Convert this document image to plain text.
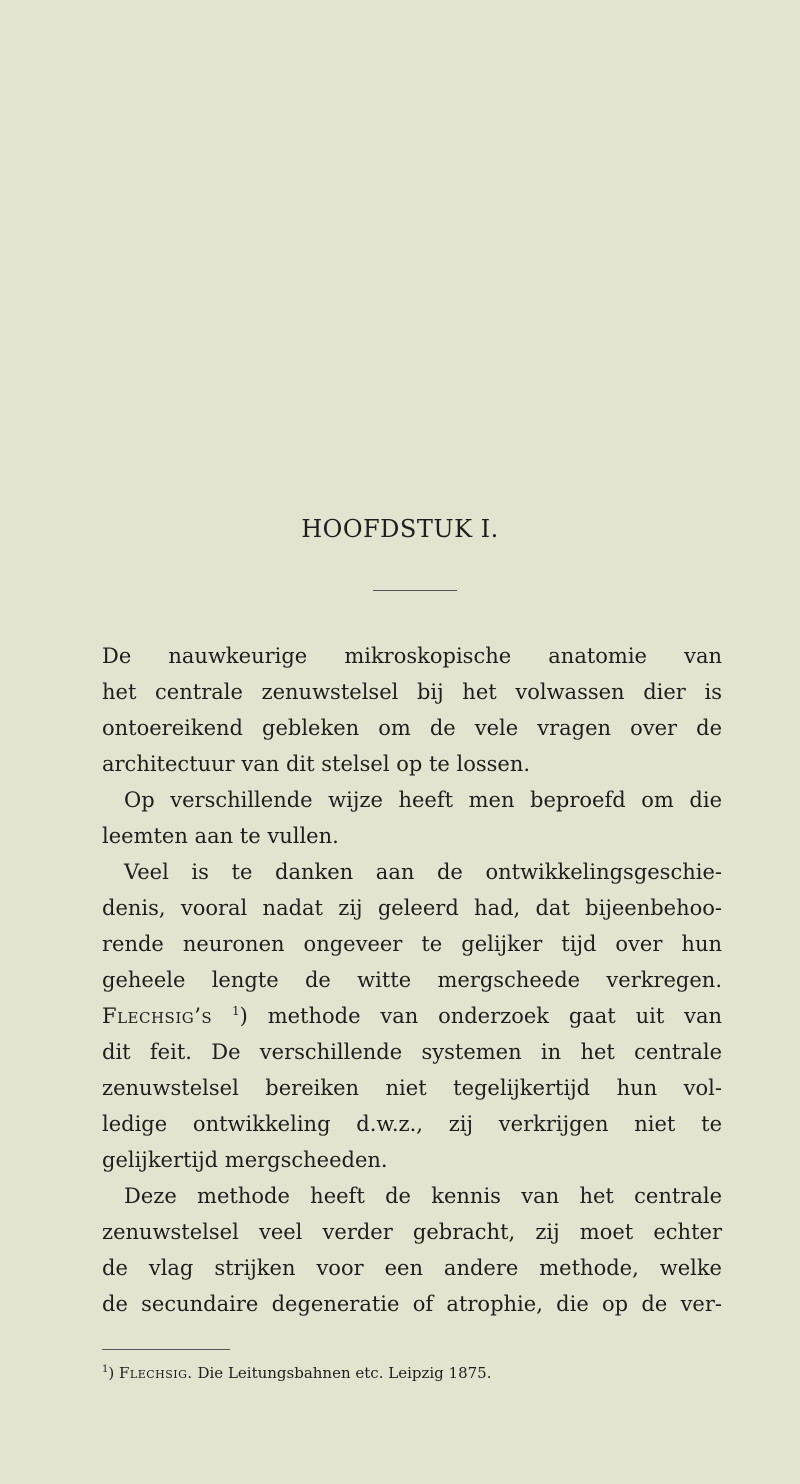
HOOFDSTUK I.
De nauwkeurige mikroskopische anatomie van
het centrale zenuwstelsel bij het volwassen dier is
ontoereikend gebleken om de vele vragen over de
architectuur van dit stelsel op te lossen.
Op verschillende wijze heeft men beproefd om die
leemten aan te vullen.
Veel is te danken aan de ontwikkelingsgeschie-
denis, vooral nadat zij geleerd had, dat bijeenbehoo-
rende neuronen ongeveer te gelijker tijd over hun
geheele lengte de witte mergscheede verkregen.
Flechsig’s $^1$) methode van onderzoek gaat uit van
dit feit. De verschillende systemen in het centrale
zenuwstelsel bereiken niet tegelijkertijd hun vol-
ledige ontwikkeling d.w.z., zij verkrijgen niet te
gelijkertijd mergscheeden.
Deze methode heeft de kennis van het centrale
zenuwstelsel veel verder gebracht, zij moet echter
de vlag strijken voor een andere methode, welke
de secundaire degeneratie of atrophie, die op de ver-
$^1$) Flechsig. Die Leitungsbahnen etc. Leipzig 1875.
